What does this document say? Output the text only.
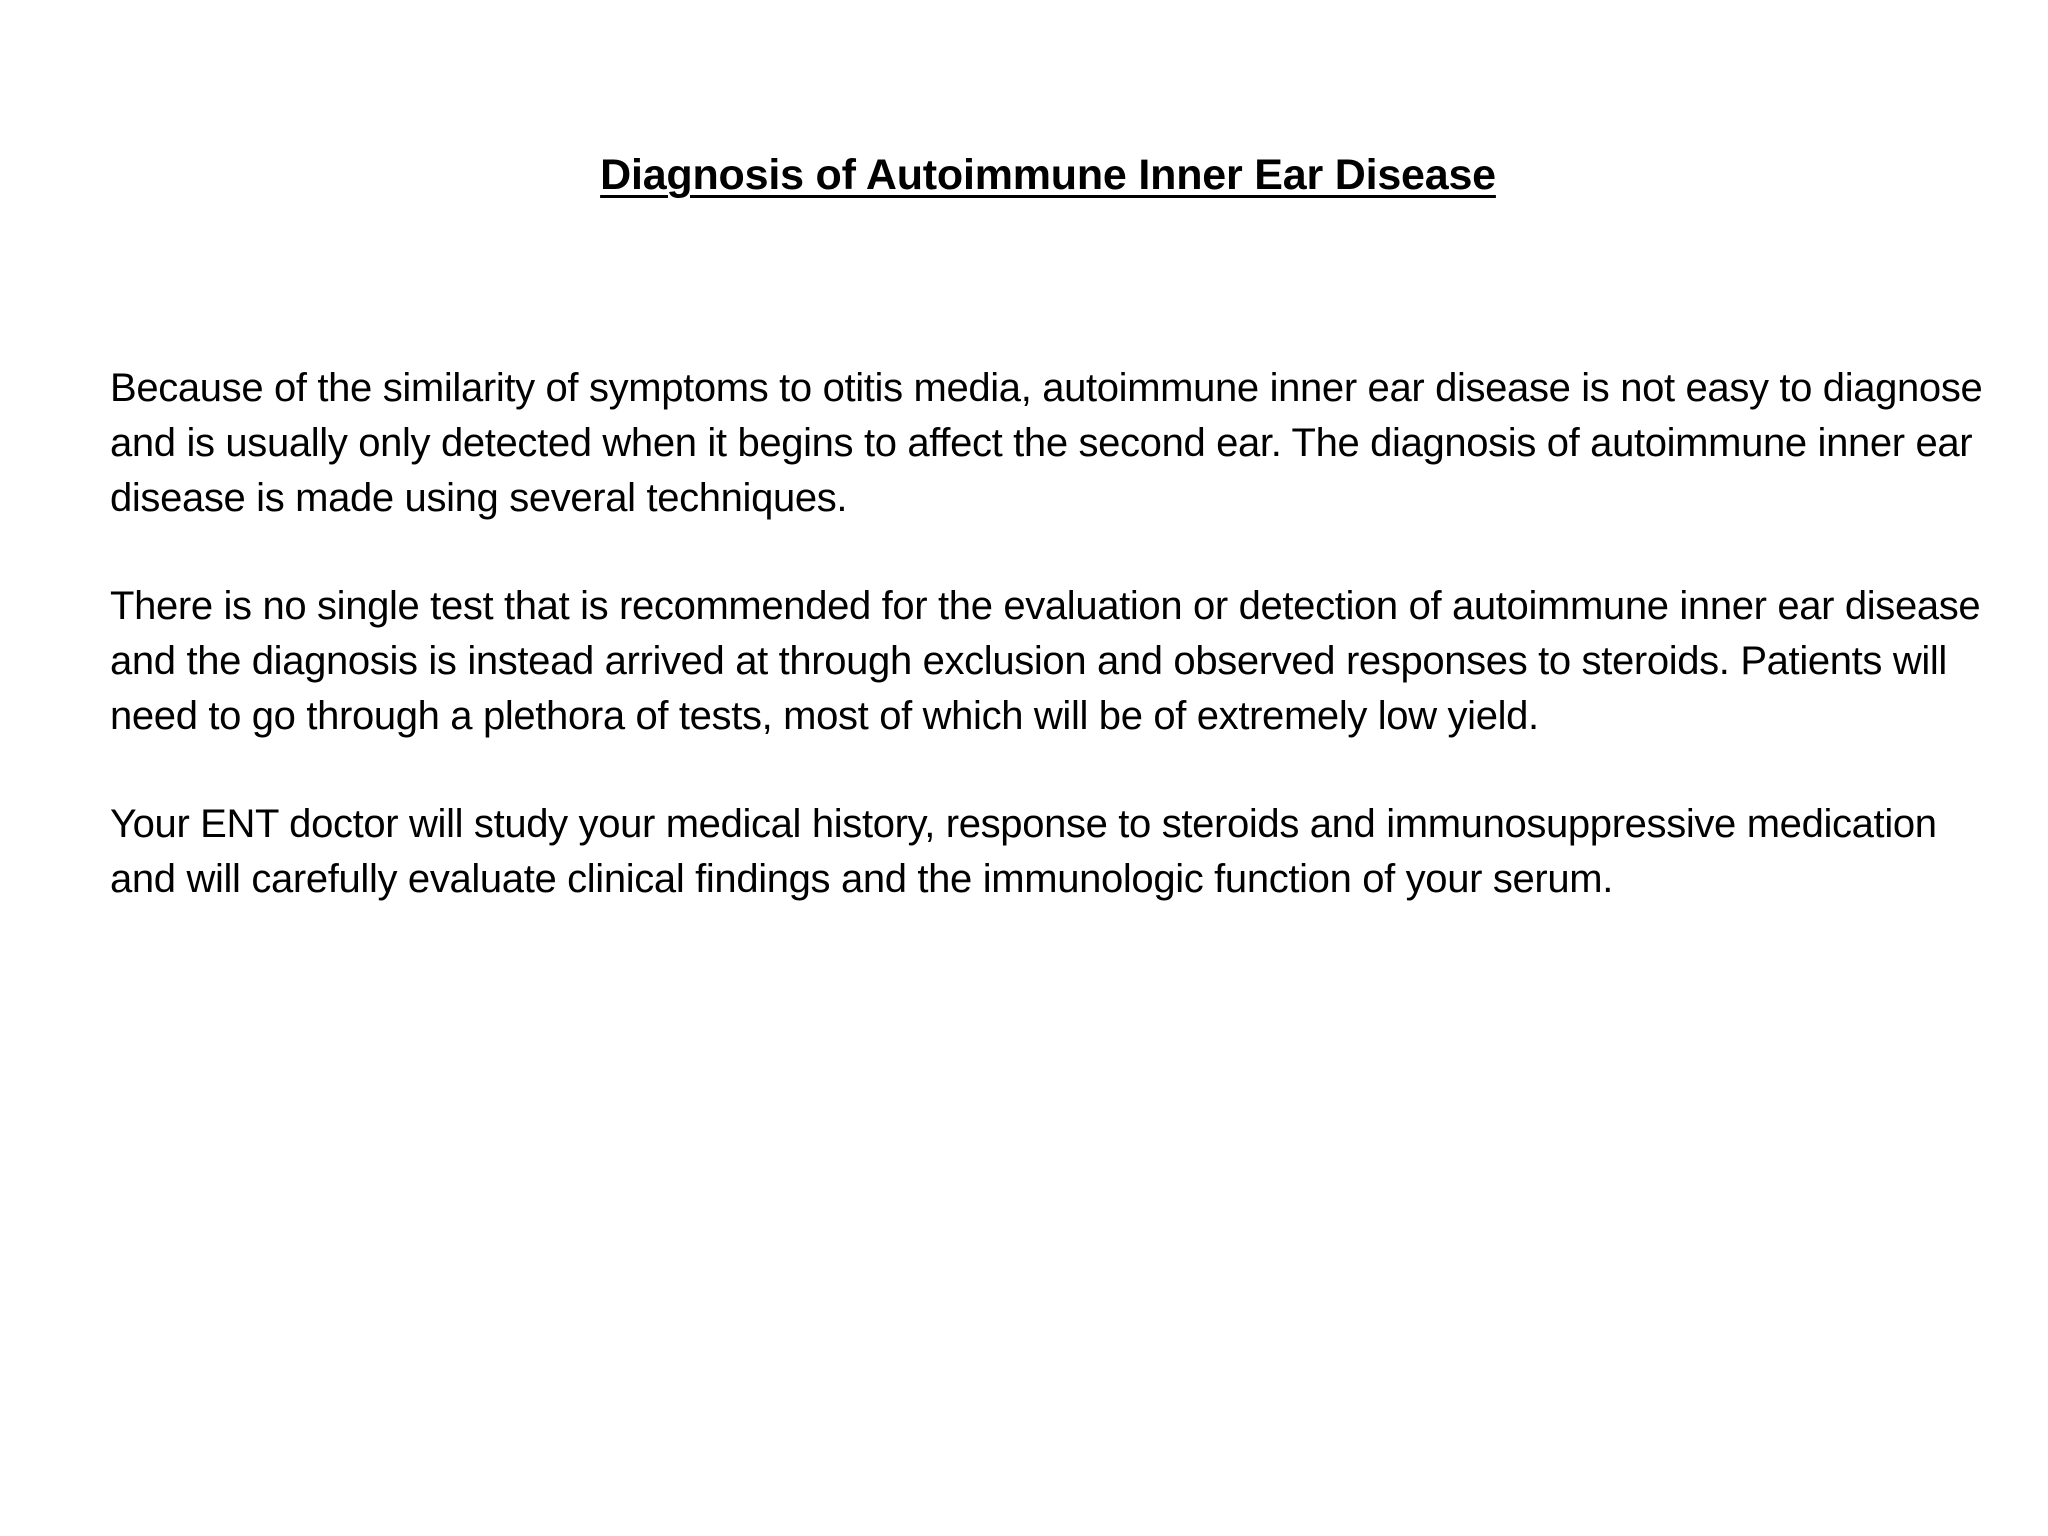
Diagnosis of Autoimmune Inner Ear Disease

Because of the similarity of symptoms to otitis media, autoimmune inner ear disease is not easy to diagnose and is usually only detected when it begins to affect the second ear. The diagnosis of autoimmune inner ear disease is made using several techniques.

There is no single test that is recommended for the evaluation or detection of autoimmune inner ear disease and the diagnosis is instead arrived at through exclusion and observed responses to steroids. Patients will need to go through a plethora of tests, most of which will be of extremely low yield.

Your ENT doctor will study your medical history, response to steroids and immunosuppressive medication and will carefully evaluate clinical findings and the immunologic function of your serum.
